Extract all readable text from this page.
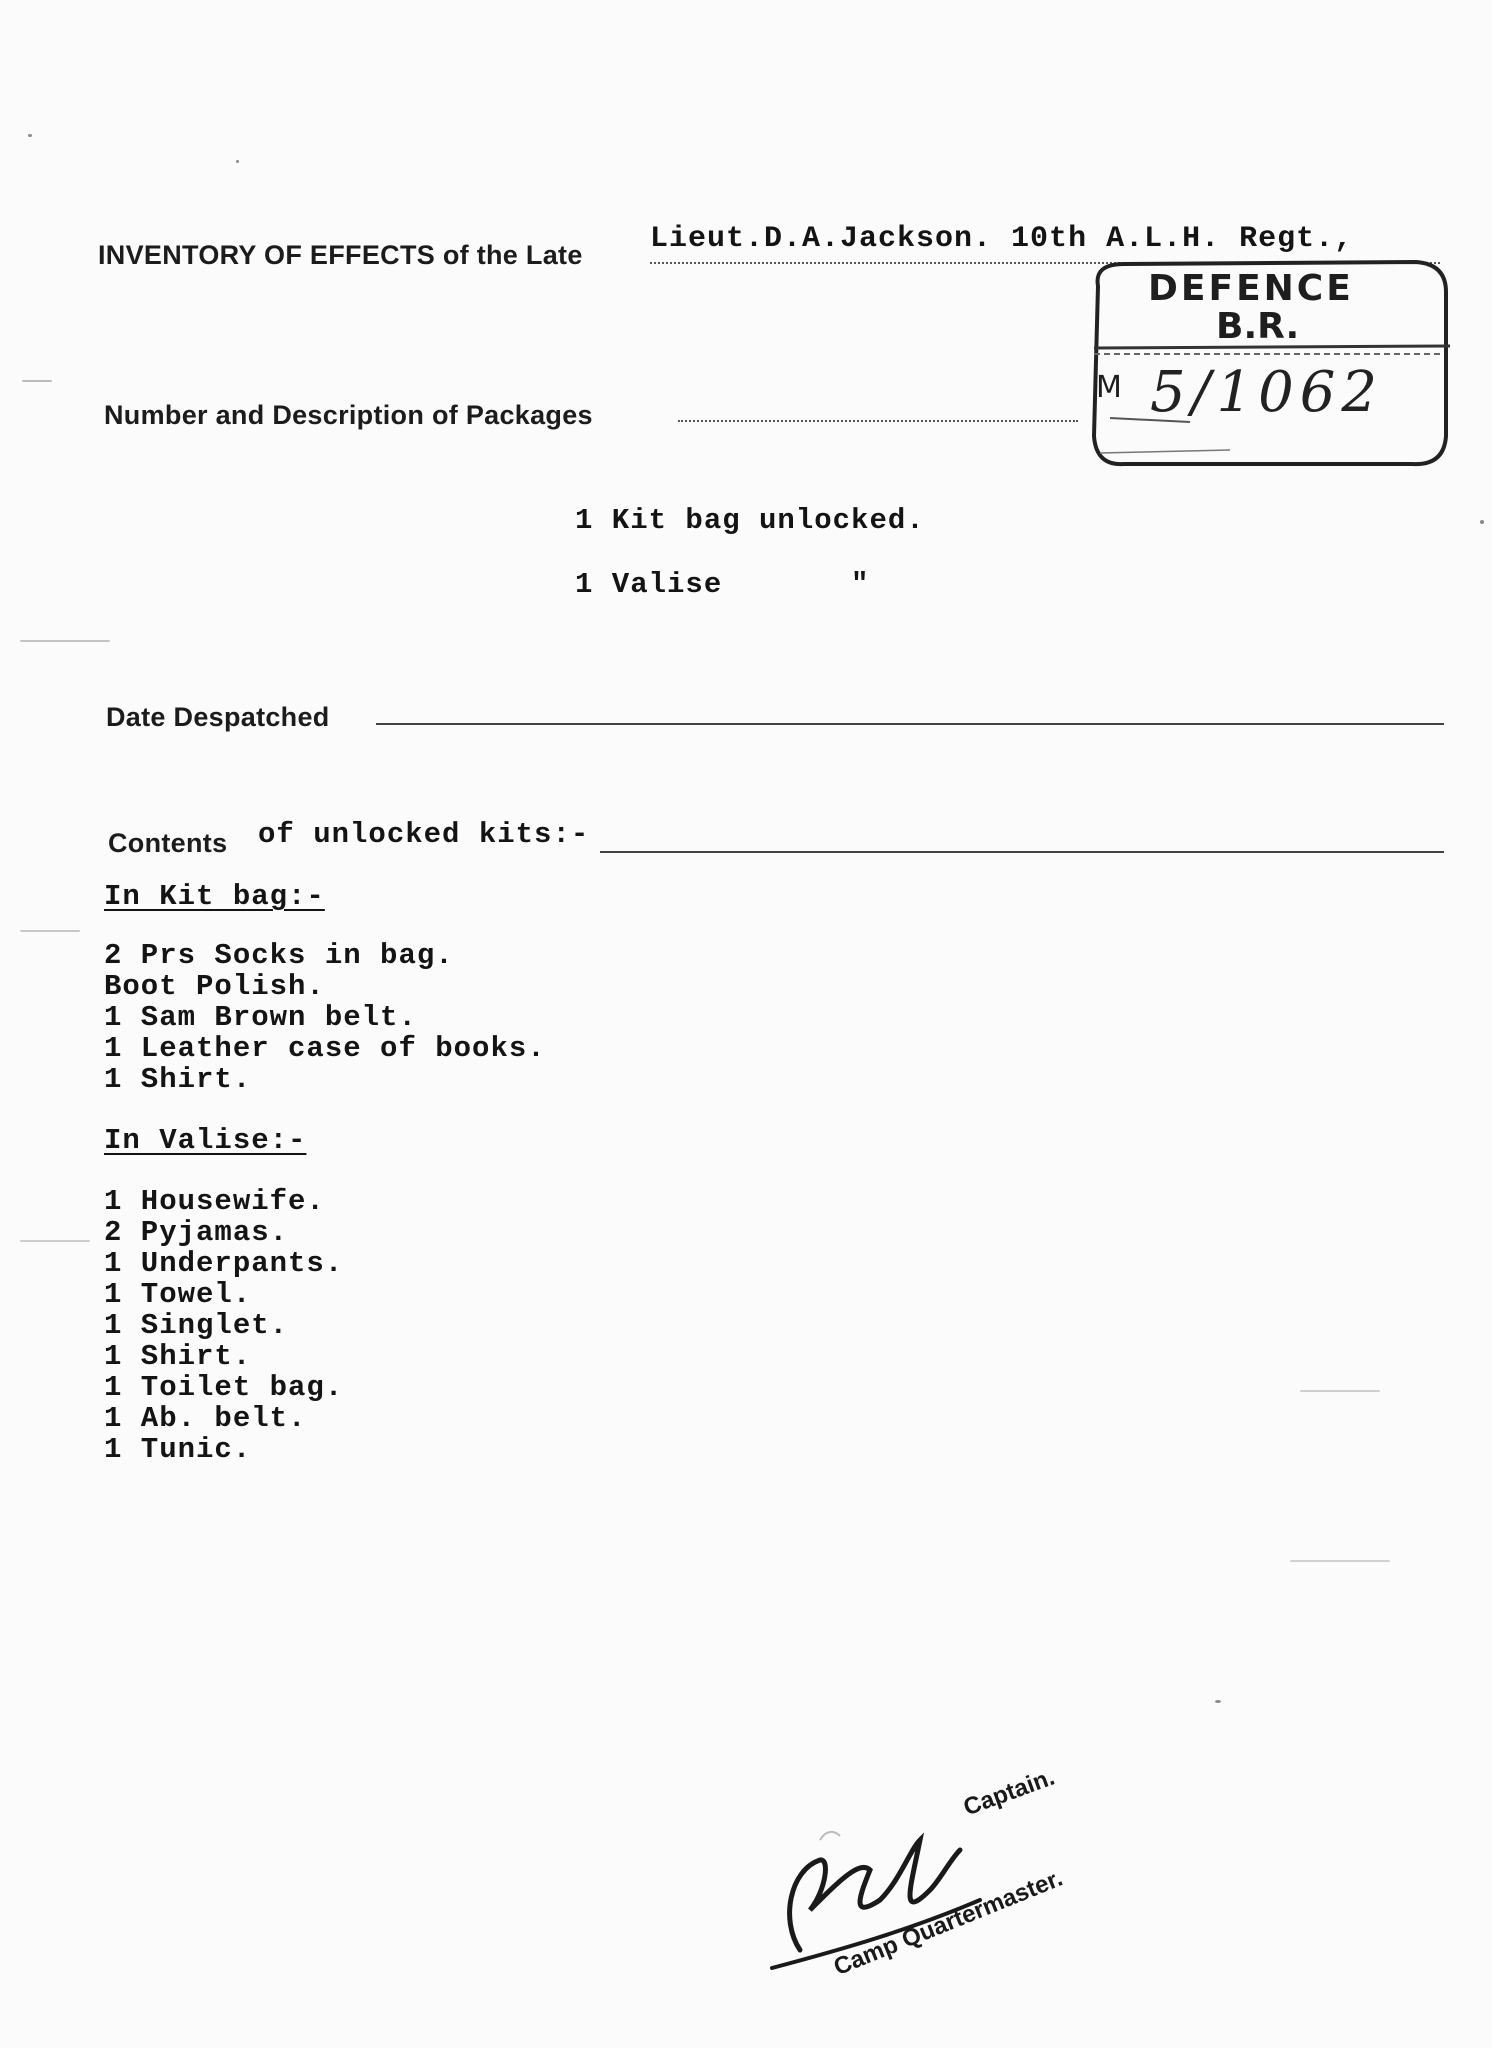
INVENTORY OF EFFECTS of the Late Lieut.D.A.Jackson. 10th A.L.H. Regt.,
DEFENCE
B.R.
M 5/1062
Number and Description of Packages
1 Kit bag unlocked.
1 Valise       "
Date Despatched
Contents of unlocked kits:-
In Kit bag:-
2 Prs Socks in bag.
Boot Polish.
1 Sam Brown belt.
1 Leather case of books.
1 Shirt.
In Valise:-
1 Housewife.
2 Pyjamas.
1 Underpants.
1 Towel.
1 Singlet.
1 Shirt.
1 Toilet bag.
1 Ab. belt.
1 Tunic.
Captain.
Camp Quartermaster.
